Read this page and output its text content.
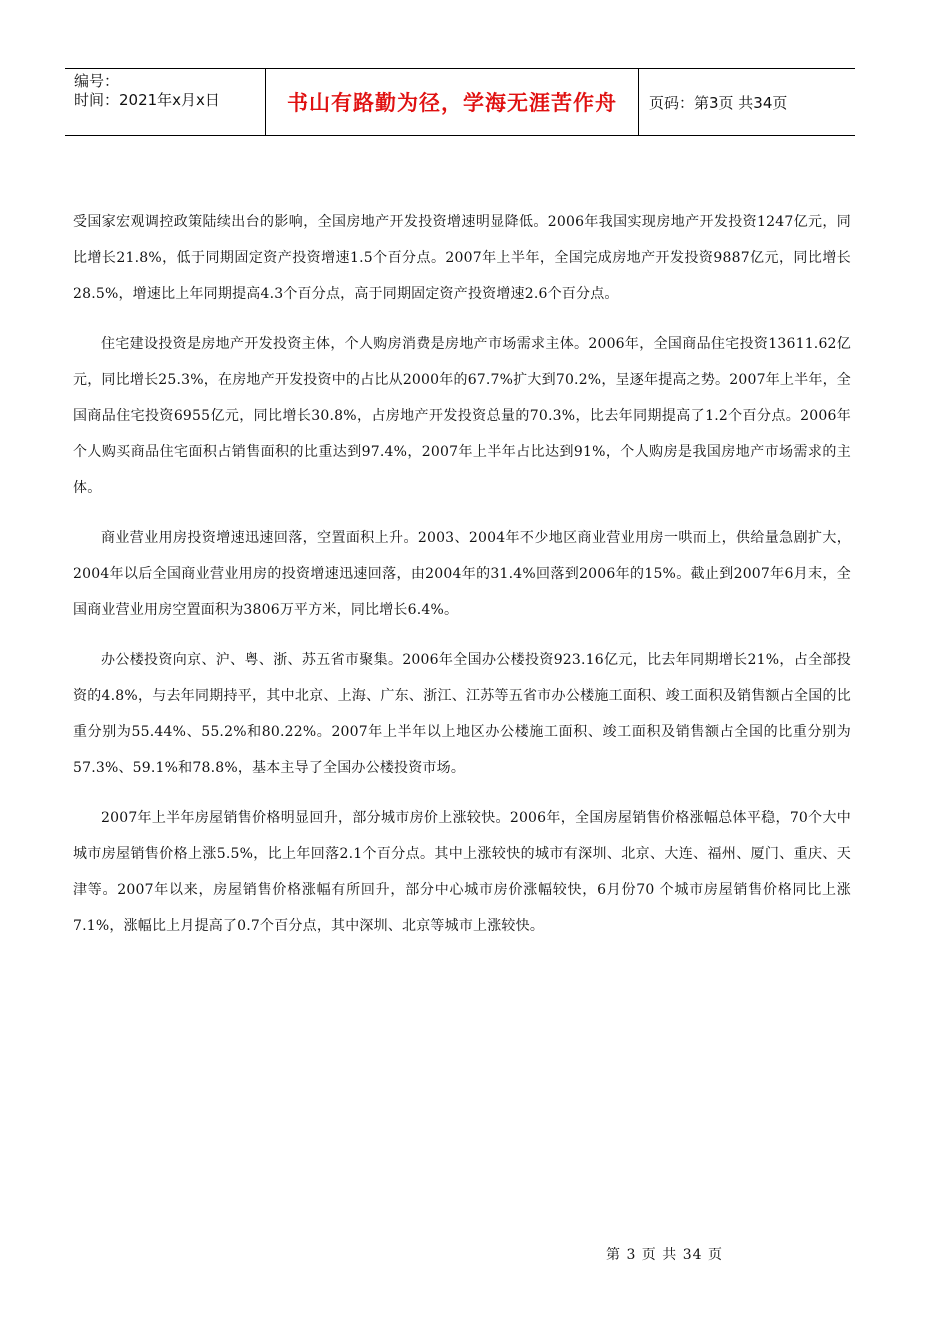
编号：
时间：2021年x月x日	书山有路勤为径，学海无涯苦作舟 页码：第3页 共34页

受国家宏观调控政策陆续出台的影响，全国房地产开发投资增速明显降低。2006年我国实现房地产开发投资1247亿元，同比增长21.8%，低于同期固定资产投资增速1.5个百分点。2007年上半年，全国完成房地产开发投资9887亿元，同比增长28.5%，增速比上年同期提高4.3个百分点，高于同期固定资产投资增速2.6个百分点。

住宅建设投资是房地产开发投资主体，个人购房消费是房地产市场需求主体。2006年，全国商品住宅投资13611.62亿元，同比增长25.3%，在房地产开发投资中的占比从2000年的67.7%扩大到70.2%，呈逐年提高之势。2007年上半年，全国商品住宅投资6955亿元，同比增长30.8%，占房地产开发投资总量的70.3%，比去年同期提高了1.2个百分点。2006年个人购买商品住宅面积占销售面积的比重达到97.4%，2007年上半年占比达到91%，个人购房是我国房地产市场需求的主体。

商业营业用房投资增速迅速回落，空置面积上升。2003、2004年不少地区商业营业用房一哄而上，供给量急剧扩大，2004年以后全国商业营业用房的投资增速迅速回落，由2004年的31.4%回落到2006年的15%。截止到2007年6月末，全国商业营业用房空置面积为3806万平方米，同比增长6.4%。

办公楼投资向京、沪、粤、浙、苏五省市聚集。2006年全国办公楼投资923.16亿元，比去年同期增长21%，占全部投资的4.8%，与去年同期持平，其中北京、上海、广东、浙江、江苏等五省市办公楼施工面积、竣工面积及销售额占全国的比重分别为55.44%、55.2%和80.22%。2007年上半年以上地区办公楼施工面积、竣工面积及销售额占全国的比重分别为57.3%、59.1%和78.8%，基本主导了全国办公楼投资市场。

2007年上半年房屋销售价格明显回升，部分城市房价上涨较快。2006年，全国房屋销售价格涨幅总体平稳，70个大中城市房屋销售价格上涨5.5%，比上年回落2.1个百分点。其中上涨较快的城市有深圳、北京、大连、福州、厦门、重庆、天津等。2007年以来，房屋销售价格涨幅有所回升，部分中心城市房价涨幅较快，6月份70 个城市房屋销售价格同比上涨7.1%，涨幅比上月提高了0.7个百分点，其中深圳、北京等城市上涨较快。

第 3 页 共 34 页
